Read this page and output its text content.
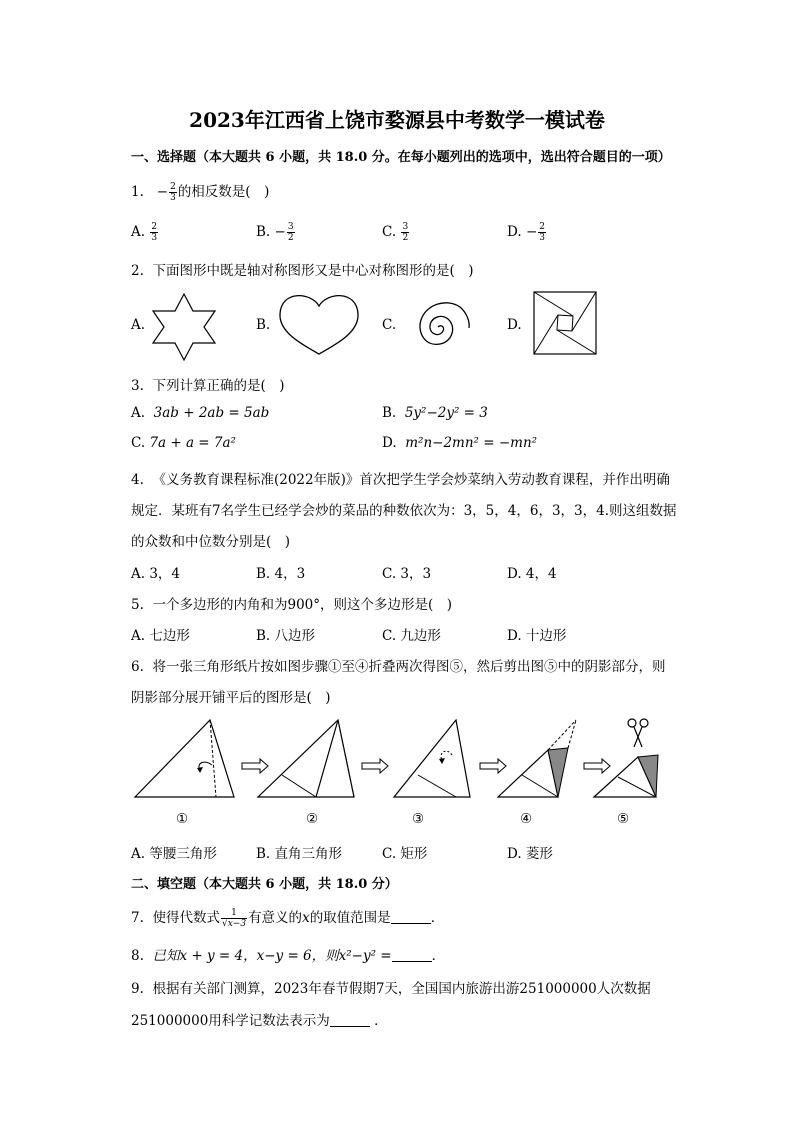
2023年江西省上饶市婺源县中考数学一模试卷
一、选择题（本大题共 6 小题，共 18.0 分。在每小题列出的选项中，选出符合题目的一项）
1. − $\frac{2}{3}$ 的相反数是(　)
A. $\frac{2}{3}$	B. − $\frac{3}{2}$	C. $\frac{3}{2}$	D. − $\frac{2}{3}$
2. 下面图形中既是轴对称图形又是中心对称图形的是(　)
A.	B.	C.	D.
3. 下列计算正确的是(　)
A. 3ab + 2ab = 5ab	B. 5y²−2y² = 3
C. 7a + a = 7a²	D. m²n−2mn² = −mn²
4. 《义务教育课程标准(2022年版)》首次把学生学会炒菜纳入劳动教育课程，并作出明确
规定．某班有7名学生已经学会炒的菜品的种数依次为：3，5，4，6，3，3，4.则这组数据
的众数和中位数分别是(　)
A. 3，4	B. 4，3	C. 3，3	D. 4，4
5. 一个多边形的内角和为900°，则这个多边形是(　)
A. 七边形	B. 八边形	C. 九边形	D. 十边形
6. 将一张三角形纸片按如图步骤①至④折叠两次得图⑤，然后剪出图⑤中的阴影部分，则
阴影部分展开铺平后的图形是(　)
①	②	③	④	⑤
A. 等腰三角形	B. 直角三角形	C. 矩形	D. 菱形
二、填空题（本大题共 6 小题，共 18.0 分）
7. 使得代数式 $\frac{1}{√x-3}$ 有意义的x的取值范围是	．
8. 已知x + y = 4，x−y = 6，则x²−y² =	．
9. 根据有关部门测算，2023年春节假期7天，全国国内旅游出游251000000人次数据
251000000用科学记数法表示为	．
